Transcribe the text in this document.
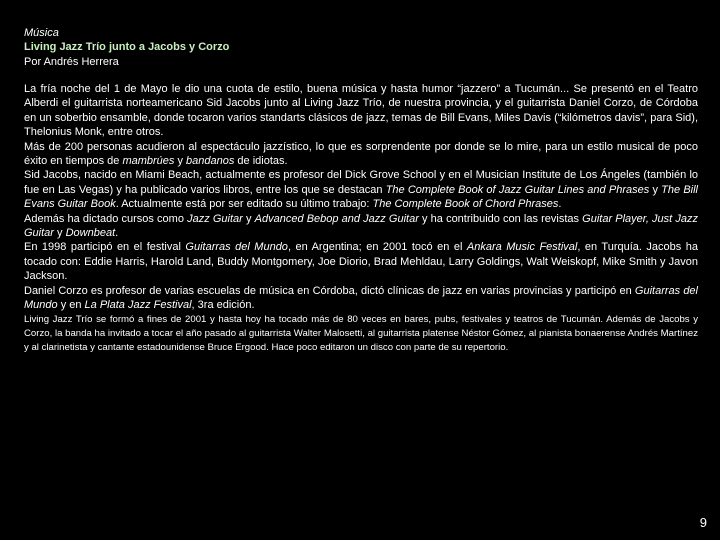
Música
Living Jazz Trío junto a Jacobs y Corzo
Por Andrés Herrera

La fría noche del 1 de Mayo le dio una cuota de estilo, buena música y hasta humor “jazzero” a Tucumán... Se presentó en el Teatro Alberdi el guitarrista norteamericano Sid Jacobs junto al Living Jazz Trío, de nuestra provincia, y el guitarrista Daniel Corzo, de Córdoba en un soberbio ensamble, donde tocaron varios standarts clásicos de jazz, temas de Bill Evans, Miles Davis (“kilómetros davis”, para Sid), Thelonius Monk, entre otros.

Más de 200 personas acudieron al espectáculo jazzístico, lo que es sorprendente por donde se lo mire, para un estilo musical de poco éxito en tiempos de mambrúes y bandanos de idiotas.

Sid Jacobs, nacido en Miami Beach, actualmente es profesor del Dick Grove School y en el Musician Institute de Los Ángeles (también lo fue en Las Vegas) y ha publicado varios libros, entre los que se destacan The Complete Book of Jazz Guitar Lines and Phrases y The Bill Evans Guitar Book. Actualmente está por ser editado su último trabajo: The Complete Book of Chord Phrases.

Además ha dictado cursos como Jazz Guitar y Advanced Bebop and Jazz Guitar y ha contribuido con las revistas Guitar Player, Just Jazz Guitar y Downbeat.

En 1998 participó en el festival Guitarras del Mundo, en Argentina; en 2001 tocó en el Ankara Music Festival, en Turquía. Jacobs ha tocado con: Eddie Harris, Harold Land, Buddy Montgomery, Joe Diorio, Brad Mehldau, Larry Goldings, Walt Weiskopf, Mike Smith y Javon Jackson.

Daniel Corzo es profesor de varias escuelas de música en Córdoba, dictó clínicas de jazz en varias provincias y participó en Guitarras del Mundo y en La Plata Jazz Festival, 3ra edición.

Living Jazz Trío se formó a fines de 2001 y hasta hoy ha tocado más de 80 veces en bares, pubs, festivales y teatros de Tucumán. Además de Jacobs y Corzo, la banda ha invitado a tocar el año pasado al guitarrista Walter Malosetti, al guitarrista platense Néstor Gómez, al pianista bonaerense Andrés Martínez y al clarinetista y cantante estadounidense Bruce Ergood. Hace poco editaron un disco con parte de su repertorio.

9
